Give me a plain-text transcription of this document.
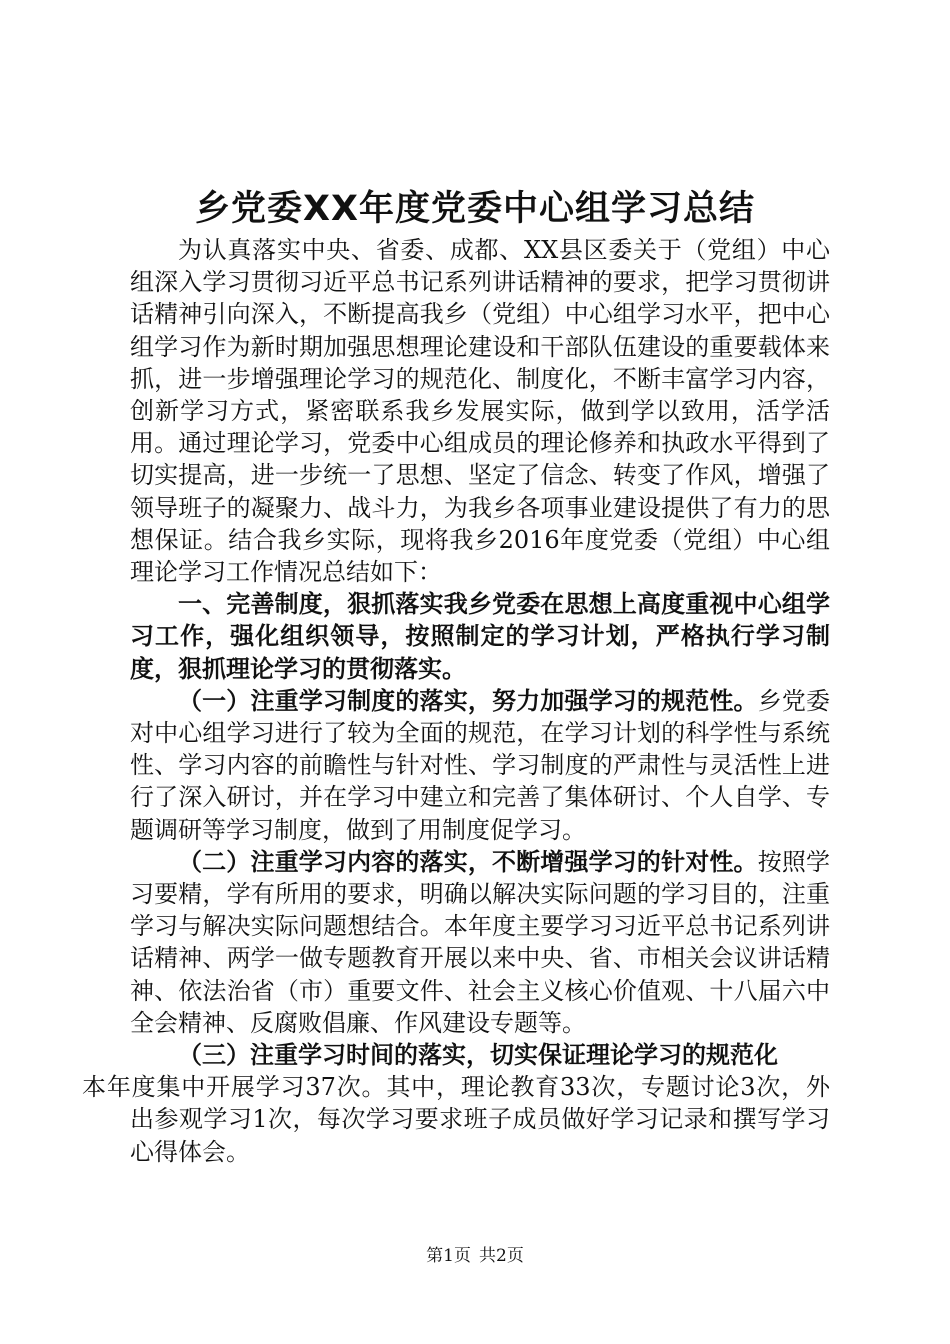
乡党委XX年度党委中心组学习总结

为认真落实中央、省委、成都、XX县区委关于（党组）中心组深入学习贯彻习近平总书记系列讲话精神的要求，把学习贯彻讲话精神引向深入，不断提高我乡（党组）中心组学习水平，把中心组学习作为新时期加强思想理论建设和干部队伍建设的重要载体来抓，进一步增强理论学习的规范化、制度化，不断丰富学习内容，创新学习方式，紧密联系我乡发展实际，做到学以致用，活学活用。通过理论学习，党委中心组成员的理论修养和执政水平得到了切实提高，进一步统一了思想、坚定了信念、转变了作风，增强了领导班子的凝聚力、战斗力，为我乡各项事业建设提供了有力的思想保证。结合我乡实际，现将我乡2016年度党委（党组）中心组理论学习工作情况总结如下：

一、完善制度，狠抓落实我乡党委在思想上高度重视中心组学习工作，强化组织领导，按照制定的学习计划，严格执行学习制度，狠抓理论学习的贯彻落实。

（一）注重学习制度的落实，努力加强学习的规范性。乡党委对中心组学习进行了较为全面的规范，在学习计划的科学性与系统性、学习内容的前瞻性与针对性、学习制度的严肃性与灵活性上进行了深入研讨，并在学习中建立和完善了集体研讨、个人自学、专题调研等学习制度，做到了用制度促学习。

（二）注重学习内容的落实，不断增强学习的针对性。按照学习要精，学有所用的要求，明确以解决实际问题的学习目的，注重学习与解决实际问题想结合。本年度主要学习习近平总书记系列讲话精神、两学一做专题教育开展以来中央、省、市相关会议讲话精神、依法治省（市）重要文件、社会主义核心价值观、十八届六中全会精神、反腐败倡廉、作风建设专题等。

（三）注重学习时间的落实，切实保证理论学习的规范化
本年度集中开展学习37次。其中，理论教育33次，专题讨论3次，外出参观学习1次，每次学习要求班子成员做好学习记录和撰写学习心得体会。

第1页 共2页
